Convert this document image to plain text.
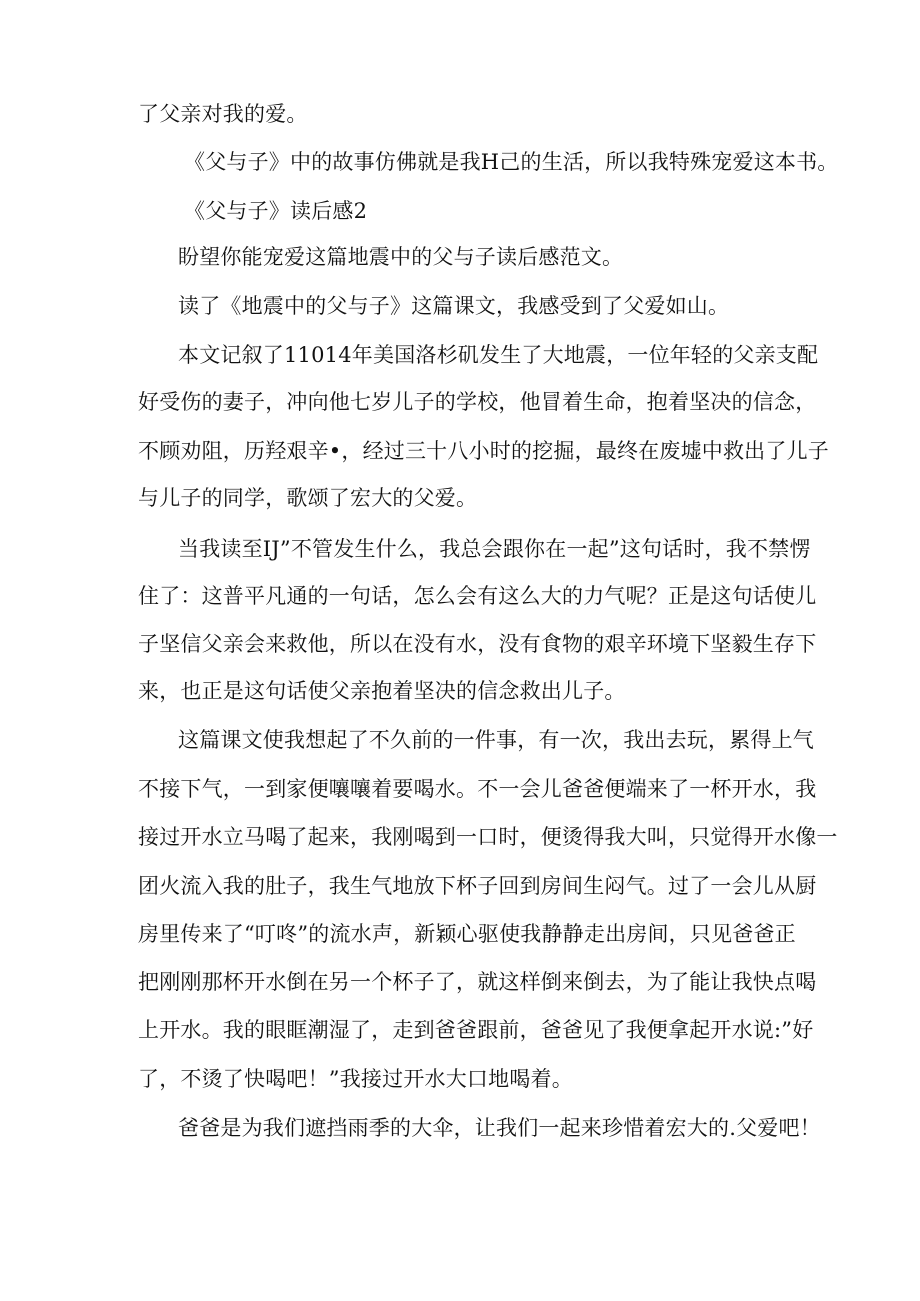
了父亲对我的爱。

《父与子》中的故事仿佛就是我H己的生活，所以我特殊宠爱这本书。

《父与子》读后感2

盼望你能宠爱这篇地震中的父与子读后感范文。

读了《地震中的父与子》这篇课文，我感受到了父爱如山。

本文记叙了11014年美国洛杉矶发生了大地震，一位年轻的父亲支配

好受伤的妻子，冲向他七岁儿子的学校，他冒着生命，抱着坚决的信念，

不顾劝阻，历羟艰辛•，经过三十八小时的挖掘，最终在废墟中救出了儿子

与儿子的同学，歌颂了宏大的父爱。

当我读至IJ”不管发生什么，我总会跟你在一起”这句话时，我不禁愣

住了：这普平凡通的一句话，怎么会有这么大的力气呢？正是这句话使儿

子坚信父亲会来救他，所以在没有水，没有食物的艰辛环境下坚毅生存下

来，也正是这句话使父亲抱着坚决的信念救出儿子。

这篇课文使我想起了不久前的一件事，有一次，我出去玩，累得上气

不接下气，一到家便嚷嚷着要喝水。不一会儿爸爸便端来了一杯开水，我

接过开水立马喝了起来，我刚喝到一口时，便烫得我大叫，只觉得开水像一

团火流入我的肚子，我生气地放下杯子回到房间生闷气。过了一会儿从厨

房里传来了“叮咚”的流水声，新颖心驱使我静静走出房间，只见爸爸正

把刚刚那杯开水倒在另一个杯子了，就这样倒来倒去，为了能让我快点喝

上开水。我的眼眶潮湿了，走到爸爸跟前，爸爸见了我便拿起开水说:”好

了，不烫了快喝吧！”我接过开水大口地喝着。

爸爸是为我们遮挡雨季的大伞，让我们一起来珍惜着宏大的.父爱吧！
